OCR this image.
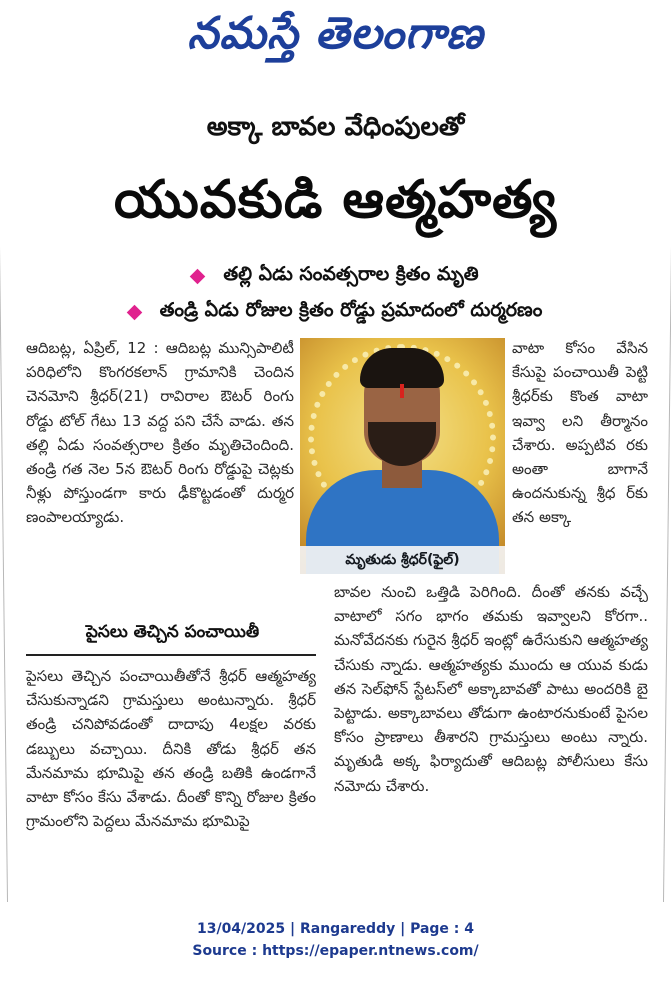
నమస్తే తెలంగాణ
అక్కా బావల వేధింపులతో
యువకుడి ఆత్మహత్య
తల్లి ఏడు సంవత్సరాల క్రితం మృతి
తండ్రి ఏడు రోజుల క్రితం రోడ్డు ప్రమాదంలో దుర్మరణం

ఆదిబట్ల, ఏప్రిల్, 12 : ఆదిబట్ల మున్సిపాలిటీ పరిధిలోని కొంగరకలాన్ గ్రామానికి చెందిన చెనమోని శ్రీధర్(21) రావిరాల ఔటర్ రింగు రోడ్డు టోల్ గేటు 13 వద్ద పని చేసే వాడు. తన తల్లి ఏడు సంవత్సరాల క్రితం మృతిచెందింది. తండ్రి గత నెల 5న ఔటర్ రింగు రోడ్డుపై చెట్లకు నీళ్లు పోస్తుండగా కారు ఢీకొట్టడంతో దుర్మర ణంపాలయ్యాడు.

మృతుడు శ్రీధర్(ఫైల్)

వాటా కోసం వేసిన కేసుపై పంచాయితీ పెట్టి శ్రీధర్‌కు కొంత వాటా ఇవ్వా లని తీర్మానం చేశారు. అప్పటివ రకు అంతా బాగానే ఉందనుకున్న శ్రీధ ర్‌కు తన అక్కా

పైసలు తెచ్చిన పంచాయితీ

పైసలు తెచ్చిన పంచాయితీతోనే శ్రీధర్ ఆత్మహత్య చేసుకున్నాడని గ్రామస్తులు అంటున్నారు. శ్రీధర్ తండ్రి చనిపోవడంతో దాదాపు 4లక్షల వరకు డబ్బులు వచ్చాయి. దీనికి తోడు శ్రీధర్ తన మేనమామ భూమిపై తన తండ్రి బతికి ఉండగానే వాటా కోసం కేసు వేశాడు. దీంతో కొన్ని రోజుల క్రితం గ్రామంలోని పెద్దలు మేనమామ భూమిపై

బావల నుంచి ఒత్తిడి పెరిగింది. దీంతో తనకు వచ్చే వాటాలో సగం భాగం తమకు ఇవ్వాలని కోరగా.. మనోవేదనకు గురైన శ్రీధర్ ఇంట్లో ఉరేసుకుని ఆత్మహత్య చేసుకు న్నాడు. ఆత్మహత్యకు ముందు ఆ యువ కుడు తన సెల్‌ఫోన్ స్టేటస్‌లో అక్కాబావతో పాటు అందరికి బై పెట్టాడు. అక్కాబావలు తోడుగా ఉంటారనుకుంటే పైసల కోసం ప్రాణాలు తీశారని గ్రామస్తులు అంటు న్నారు. మృతుడి అక్క ఫిర్యాదుతో ఆదిబట్ల పోలీసులు కేసు నమోదు చేశారు.

13/04/2025 | Rangareddy | Page : 4
Source : https://epaper.ntnews.com/
